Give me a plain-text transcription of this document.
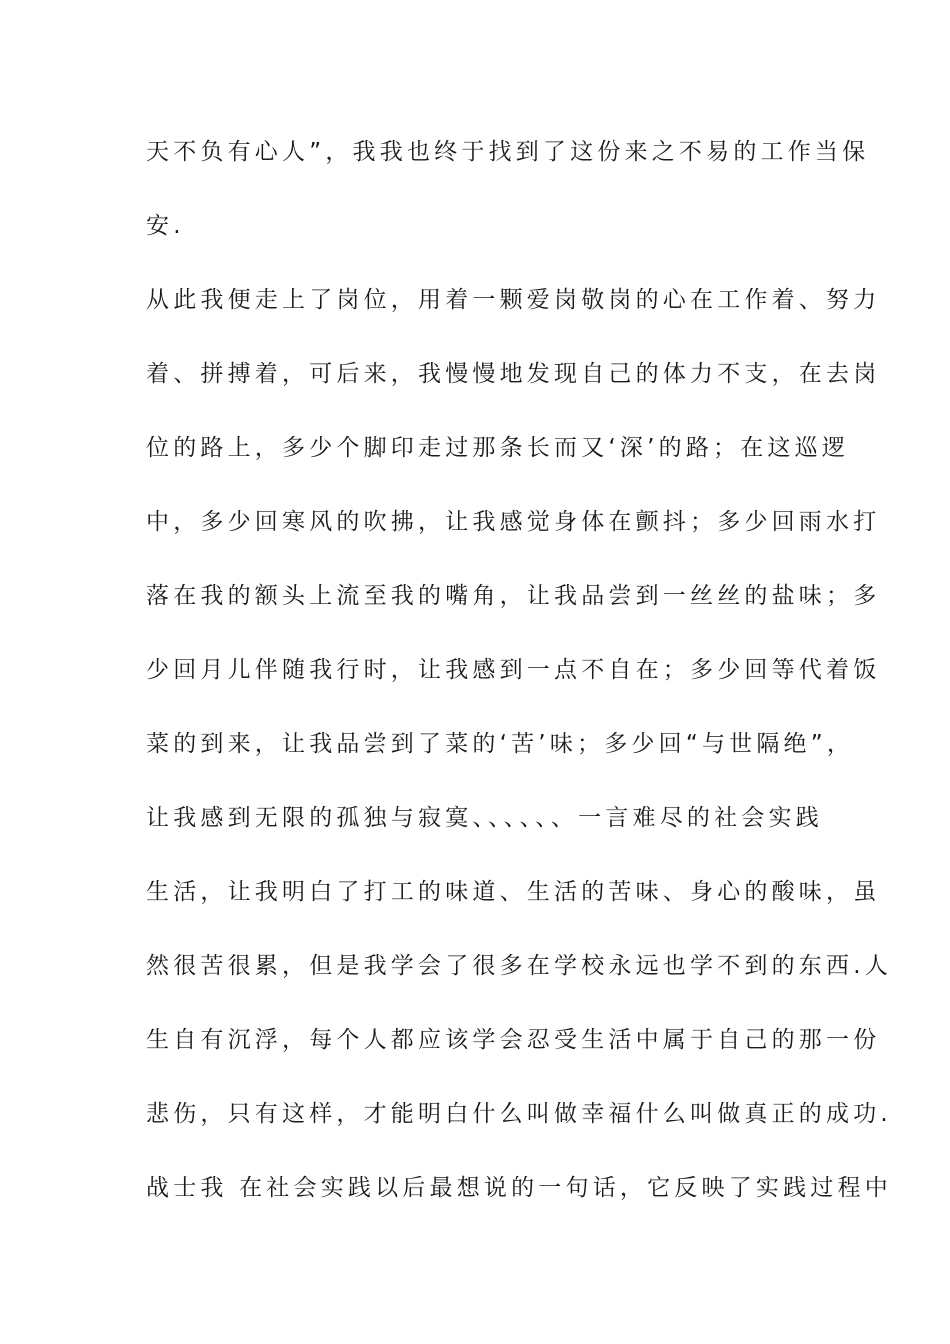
天不负有心人”，我我也终于找到了这份来之不易的工作当保
安.
从此我便走上了岗位，用着一颗爱岗敬岗的心在工作着、努力
着、拼搏着，可后来，我慢慢地发现自己的体力不支，在去岗
位的路上，多少个脚印走过那条长而又‘深’的路；在这巡逻
中，多少回寒风的吹拂，让我感觉身体在颤抖；多少回雨水打
落在我的额头上流至我的嘴角，让我品尝到一丝丝的盐味；多
少回月儿伴随我行时，让我感到一点不自在；多少回等代着饭
菜的到来，让我品尝到了菜的‘苦’味；多少回“与世隔绝”，
让我感到无限的孤独与寂寞、、、、、、一言难尽的社会实践
生活，让我明白了打工的味道、生活的苦味、身心的酸味，虽
然很苦很累，但是我学会了很多在学校永远也学不到的东西.人
生自有沉浮，每个人都应该学会忍受生活中属于自己的那一份
悲伤，只有这样，才能明白什么叫做幸福什么叫做真正的成功.
战士我 在社会实践以后最想说的一句话，它反映了实践过程中
